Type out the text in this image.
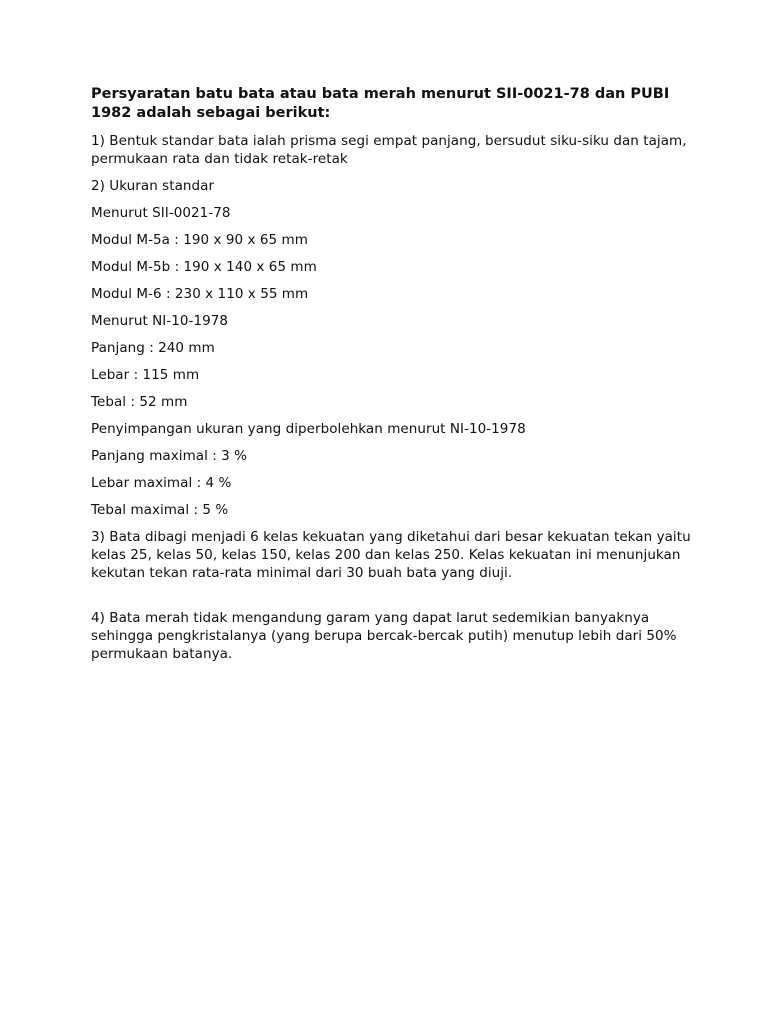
Persyaratan batu bata atau bata merah menurut SII-0021-78 dan PUBI 1982 adalah sebagai berikut:

1) Bentuk standar bata ialah prisma segi empat panjang, bersudut siku-siku dan tajam, permukaan rata dan tidak retak-retak

2) Ukuran standar

Menurut SII-0021-78

Modul M-5a : 190 x 90 x 65 mm

Modul M-5b : 190 x 140 x 65 mm

Modul M-6 : 230 x 110 x 55 mm

Menurut NI-10-1978

Panjang : 240 mm

Lebar : 115 mm

Tebal : 52 mm

Penyimpangan ukuran yang diperbolehkan menurut NI-10-1978

Panjang maximal : 3 %

Lebar maximal : 4 %

Tebal maximal : 5 %

3) Bata dibagi menjadi 6 kelas kekuatan yang diketahui dari besar kekuatan tekan yaitu kelas 25, kelas 50, kelas 150, kelas 200 dan kelas 250. Kelas kekuatan ini menunjukan kekutan tekan rata-rata minimal dari 30 buah bata yang diuji.

4) Bata merah tidak mengandung garam yang dapat larut sedemikian banyaknya sehingga pengkristalanya (yang berupa bercak-bercak putih) menutup lebih dari 50% permukaan batanya.
